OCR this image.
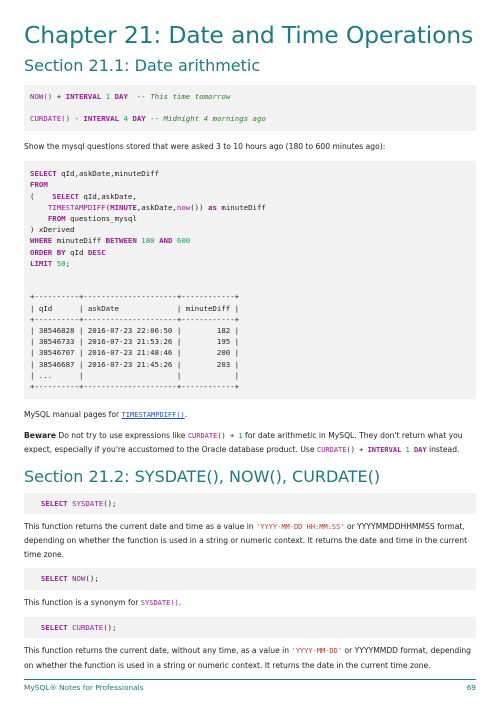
Chapter 21: Date and Time Operations
Section 21.1: Date arithmetic
NOW() + INTERVAL 1 DAY -- This time tomorrow

CURDATE() - INTERVAL 4 DAY -- Midnight 4 mornings ago

Show the mysql questions stored that were asked 3 to 10 hours ago (180 to 600 minutes ago):

SELECT qId,askDate,minuteDiff
FROM
( SELECT qId,askDate,
TIMESTAMPDIFF(MINUTE,askDate,now()) as minuteDiff
FROM questions_mysql
) xDerived
WHERE minuteDiff BETWEEN 180 AND 600
ORDER BY qId DESC
LIMIT 50;

+----------+---------------------+------------+
| qId      | askDate             | minuteDiff |
+----------+---------------------+------------+
| 38546828 | 2016-07-23 22:06:50 |        182 |
| 38546733 | 2016-07-23 21:53:26 |        195 |
| 38546707 | 2016-07-23 21:48:46 |        200 |
| 38546687 | 2016-07-23 21:45:26 |        203 |
| ...      |                     |            |
+----------+---------------------+------------+

MySQL manual pages for TIMESTAMPDIFF().

Beware Do not try to use expressions like CURDATE() + 1 for date arithmetic in MySQL. They don't return what you expect, especially if you're accustomed to the Oracle database product. Use CURDATE() + INTERVAL 1 DAY instead.

Section 21.2: SYSDATE(), NOW(), CURDATE()
SELECT SYSDATE();

This function returns the current date and time as a value in 'YYYY-MM-DD HH:MM:SS' or YYYYMMDDHHMMSS format, depending on whether the function is used in a string or numeric context. It returns the date and time in the current time zone.

SELECT NOW();

This function is a synonym for SYSDATE().

SELECT CURDATE();

This function returns the current date, without any time, as a value in 'YYYY-MM-DD' or YYYYMMDD format, depending on whether the function is used in a string or numeric context. It returns the date in the current time zone.

MySQL® Notes for Professionals	69
